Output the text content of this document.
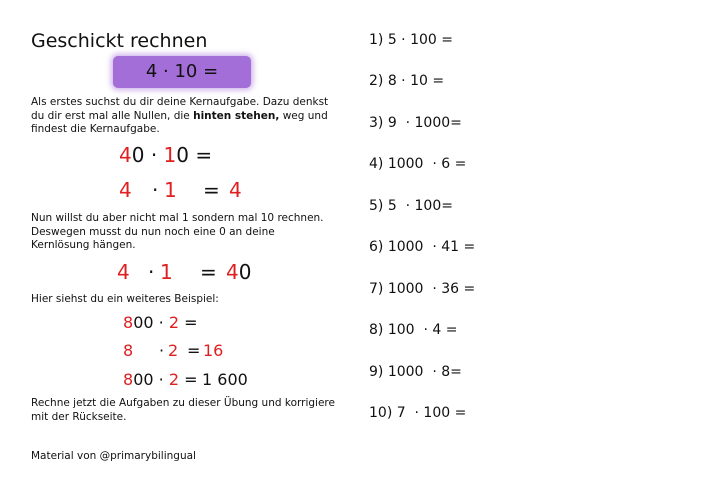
Geschickt rechnen
4 · 10 =
Als erstes suchst du dir deine Kernaufgabe. Dazu denkst du dir erst mal alle Nullen, die hinten stehen, weg und findest die Kernaufgabe.
40 · 10 =
4 · 1 = 4
Nun willst du aber nicht mal 1 sondern mal 10 rechnen. Deswegen musst du nun noch eine 0 an deine Kernlösung hängen.
4 · 1 = 40
Hier siehst du ein weiteres Beispiel:
800 · 2 =
8 · 2 = 16
800 · 2 = 1 600
Rechne jetzt die Aufgaben zu dieser Übung und korrigiere mit der Rückseite.
Material von @primarybilingual
1) 5 · 100 =
2) 8 · 10 =
3) 9  · 1000=
4) 1000  · 6 =
5) 5  · 100=
6) 1000  · 41 =
7) 1000  · 36 =
8) 100  · 4 =
9) 1000  · 8=
10) 7  · 100 =
